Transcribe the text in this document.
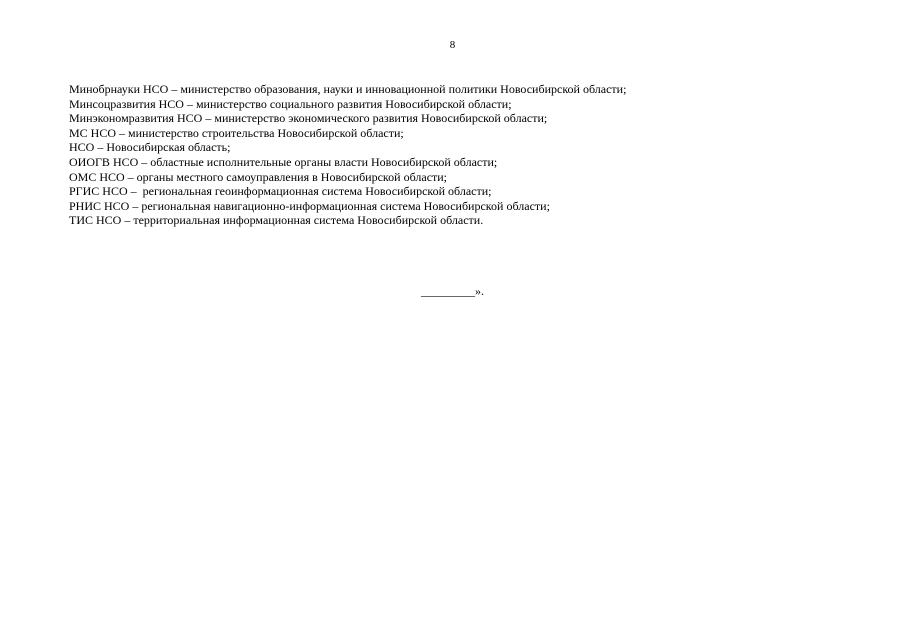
8
Минобрнауки НСО – министерство образования, науки и инновационной политики Новосибирской области;
Минсоцразвития НСО – министерство социального развития Новосибирской области;
Минэкономразвития НСО – министерство экономического развития Новосибирской области;
МС НСО – министерство строительства Новосибирской области;
НСО – Новосибирская область;
ОИОГВ НСО – областные исполнительные органы власти Новосибирской области;
ОМС НСО – органы местного самоуправления в Новосибирской области;
РГИС НСО –  региональная геоинформационная система Новосибирской области;
РНИС НСО – региональная навигационно-информационная система Новосибирской области;
ТИС НСО – территориальная информационная система Новосибирской области.
_________».
